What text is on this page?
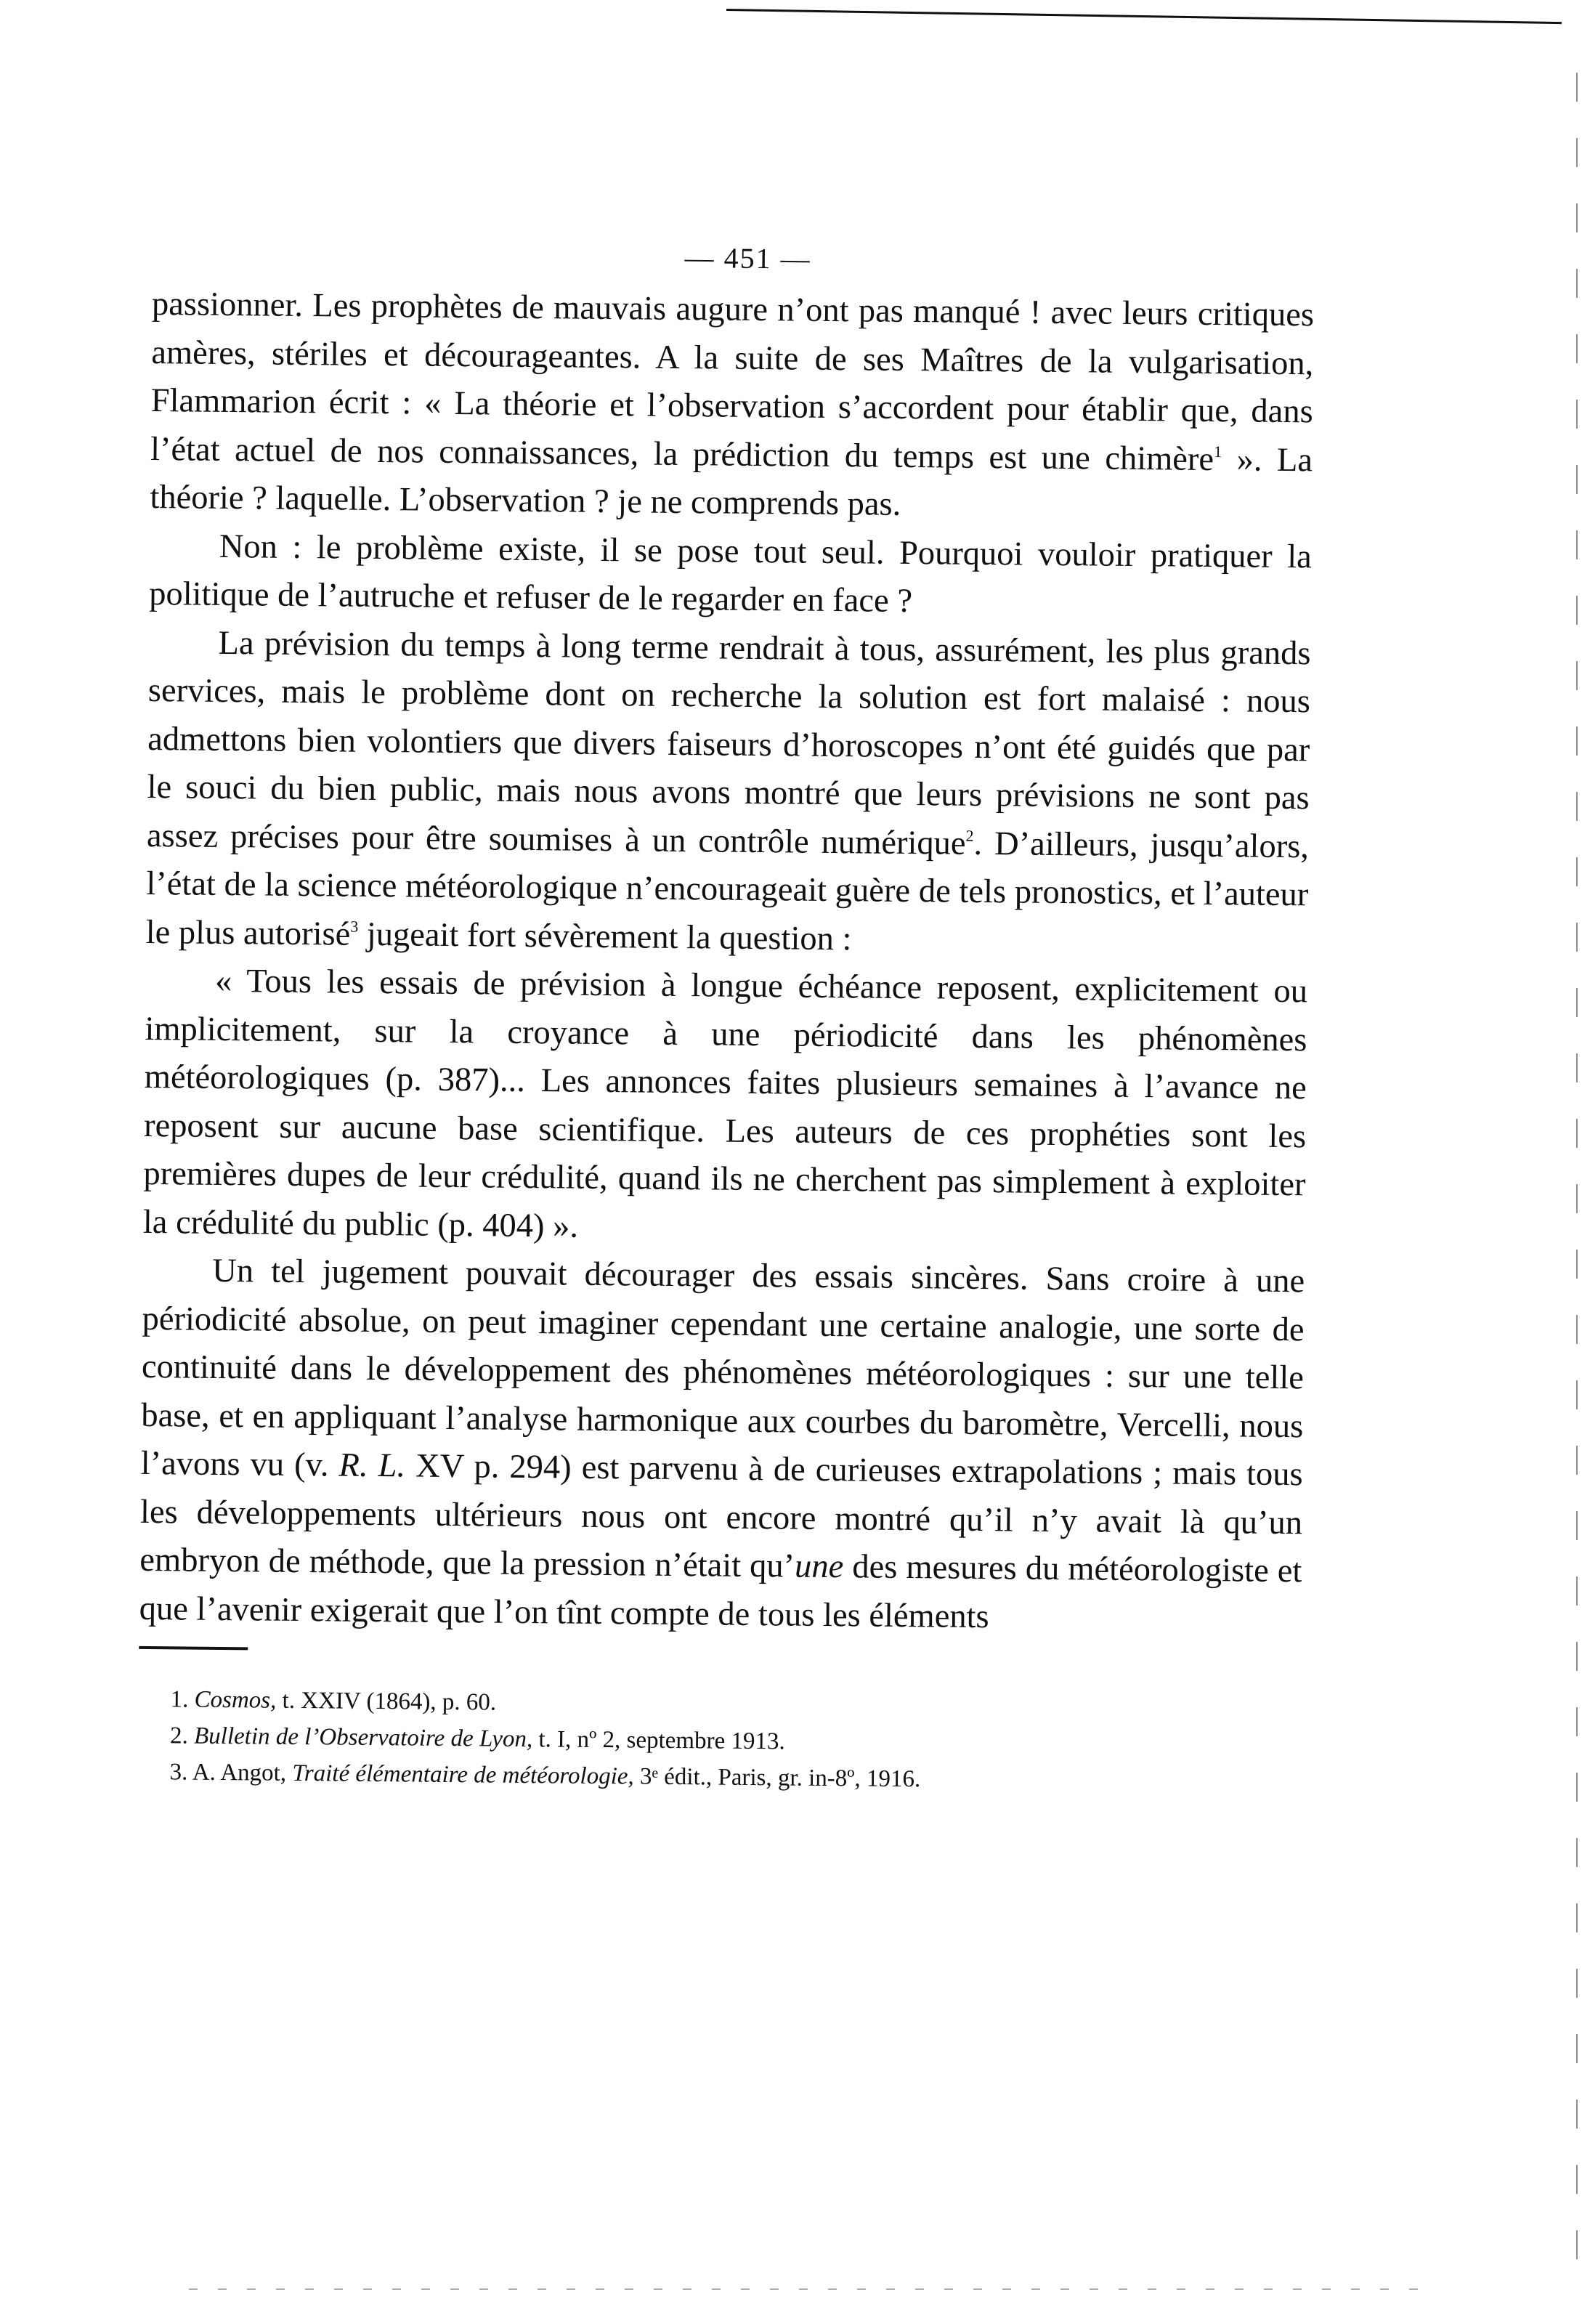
— 451 —

passionner. Les prophètes de mauvais augure n’ont pas manqué ! avec leurs critiques amères, stériles et décourageantes. A la suite de ses Maîtres de la vulgarisation, Flammarion écrit : « La théorie et l’observation s’accordent pour établir que, dans l’état actuel de nos connaissances, la prédiction du temps est une chimère$^1$ ». La théorie ? laquelle. L’observation ? je ne comprends pas.

Non : le problème existe, il se pose tout seul. Pourquoi vouloir pratiquer la politique de l’autruche et refuser de le regarder en face ?

La prévision du temps à long terme rendrait à tous, assurément, les plus grands services, mais le problème dont on recherche la solution est fort malaisé : nous admettons bien volontiers que divers faiseurs d’horoscopes n’ont été guidés que par le souci du bien public, mais nous avons montré que leurs prévisions ne sont pas assez précises pour être soumises à un contrôle numérique$^2$. D’ailleurs, jusqu’alors, l’état de la science météorologique n’encourageait guère de tels pronostics, et l’auteur le plus autorisé$^3$ jugeait fort sévèrement la question :

« Tous les essais de prévision à longue échéance reposent, explicitement ou implicitement, sur la croyance à une périodicité dans les phénomènes météorologiques (p. 387)... Les annonces faites plusieurs semaines à l’avance ne reposent sur aucune base scientifique. Les auteurs de ces prophéties sont les premières dupes de leur crédulité, quand ils ne cherchent pas simplement à exploiter la crédulité du public (p. 404) ».

Un tel jugement pouvait décourager des essais sincères. Sans croire à une périodicité absolue, on peut imaginer cependant une certaine analogie, une sorte de continuité dans le développement des phénomènes météorologiques : sur une telle base, et en appliquant l’analyse harmonique aux courbes du baromètre, Vercelli, nous l’avons vu (v. R. L. XV p. 294) est parvenu à de curieuses extrapolations ; mais tous les développements ultérieurs nous ont encore montré qu’il n’y avait là qu’un embryon de méthode, que la pression n’était qu’une des mesures du météorologiste et que l’avenir exigerait que l’on tînt compte de tous les éléments

1. Cosmos, t. XXIV (1864), p. 60.

2. Bulletin de l’Observatoire de Lyon, t. I, nº 2, septembre 1913.

3. A. Angot, Traité élémentaire de météorologie, 3ᵉ édit., Paris, gr. in-8º, 1916.
